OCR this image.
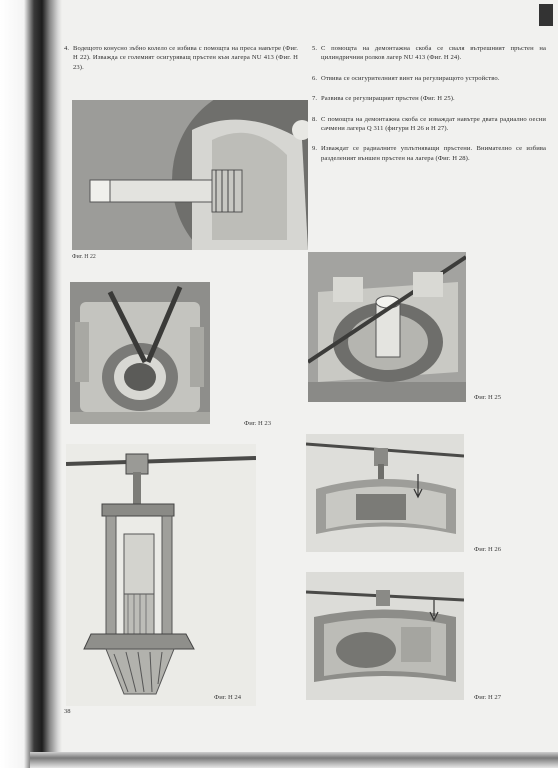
4. Водещото конусно зъбно колело се избива с помощта на преса навътре (Фиг. H 22). Изважда се големият осигуряващ пръстен към лагера NU 413 (Фиг. H 23).
5. С помощта на демонтажна скоба се сваля вътрешният пръстен на цилиндричния ролков лагер NU 413 (Фиг. H 24).
6. Отвива се осигурителният винт на регулиращото устройство.
7. Развива се регулиращият пръстен (Фиг. H 25).
8. С помощта на демонтажна скоба се изваждат навътре двата радиално оесни сачмени лагера Q 311 (фигури H 26 и H 27).
9. Изваждат се радиалните уплътняващи пръстени. Внимателно се избива разделеният външен пръстен на лагера (Фиг. H 28).
Фиг. H 22
Фиг. H 23
Фиг. H 25
Фиг. H 24
Фиг. H 26
Фиг. H 27
38
